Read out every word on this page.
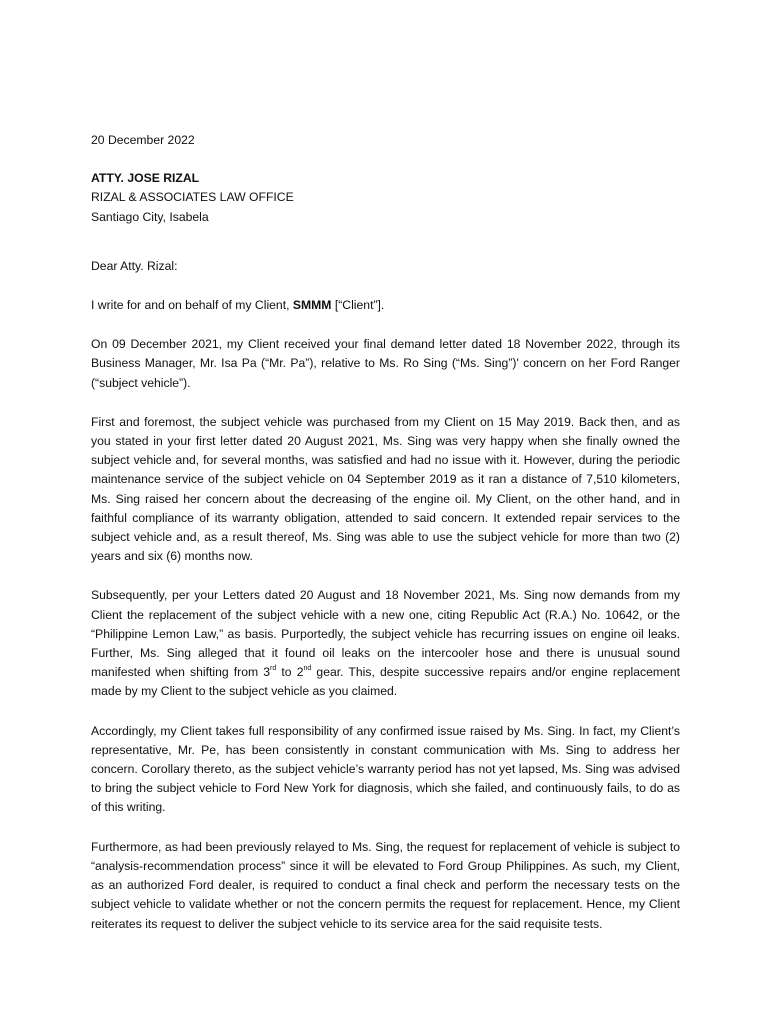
20 December 2022
ATTY. JOSE RIZAL
RIZAL & ASSOCIATES LAW OFFICE
Santiago City, Isabela

Dear Atty. Rizal:

I write for and on behalf of my Client, SMMM [“Client”].

On 09 December 2021, my Client received your final demand letter dated 18 November 2022, through its Business Manager, Mr. Isa Pa (“Mr. Pa”), relative to Ms. Ro Sing (“Ms. Sing”)' concern on her Ford Ranger (“subject vehicle”).

First and foremost, the subject vehicle was purchased from my Client on 15 May 2019. Back then, and as you stated in your first letter dated 20 August 2021, Ms. Sing was very happy when she finally owned the subject vehicle and, for several months, was satisfied and had no issue with it. However, during the periodic maintenance service of the subject vehicle on 04 September 2019 as it ran a distance of 7,510 kilometers, Ms. Sing raised her concern about the decreasing of the engine oil. My Client, on the other hand, and in faithful compliance of its warranty obligation, attended to said concern. It extended repair services to the subject vehicle and, as a result thereof, Ms. Sing was able to use the subject vehicle for more than two (2) years and six (6) months now.

Subsequently, per your Letters dated 20 August and 18 November 2021, Ms. Sing now demands from my Client the replacement of the subject vehicle with a new one, citing Republic Act (R.A.) No. 10642, or the “Philippine Lemon Law,” as basis. Purportedly, the subject vehicle has recurring issues on engine oil leaks. Further, Ms. Sing alleged that it found oil leaks on the intercooler hose and there is unusual sound manifested when shifting from 3rd to 2nd gear. This, despite successive repairs and/or engine replacement made by my Client to the subject vehicle as you claimed.

Accordingly, my Client takes full responsibility of any confirmed issue raised by Ms. Sing. In fact, my Client’s representative, Mr. Pe, has been consistently in constant communication with Ms. Sing to address her concern. Corollary thereto, as the subject vehicle’s warranty period has not yet lapsed, Ms. Sing was advised to bring the subject vehicle to Ford New York for diagnosis, which she failed, and continuously fails, to do as of this writing.

Furthermore, as had been previously relayed to Ms. Sing, the request for replacement of vehicle is subject to “analysis-recommendation process” since it will be elevated to Ford Group Philippines. As such, my Client, as an authorized Ford dealer, is required to conduct a final check and perform the necessary tests on the subject vehicle to validate whether or not the concern permits the request for replacement. Hence, my Client reiterates its request to deliver the subject vehicle to its service area for the said requisite tests.
